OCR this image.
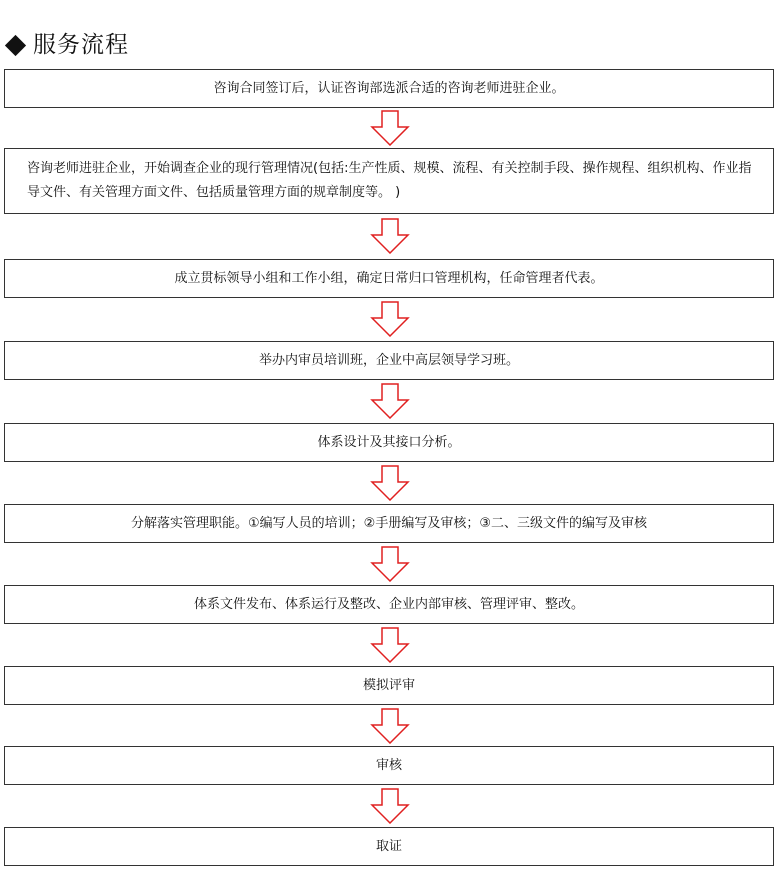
服务流程
咨询合同签订后，认证咨询部选派合适的咨询老师进驻企业。
咨询老师进驻企业，开始调查企业的现行管理情况(包括:生产性质、规模、流程、有关控制手段、操作规程、组织机构、作业指导文件、有关管理方面文件、包括质量管理方面的规章制度等。 )
成立贯标领导小组和工作小组，确定日常归口管理机构，任命管理者代表。
举办内审员培训班，企业中高层领导学习班。
体系设计及其接口分析。
分解落实管理职能。①编写人员的培训；②手册编写及审核；③二、三级文件的编写及审核
体系文件发布、体系运行及整改、企业内部审核、管理评审、整改。
模拟评审
审核
取证
